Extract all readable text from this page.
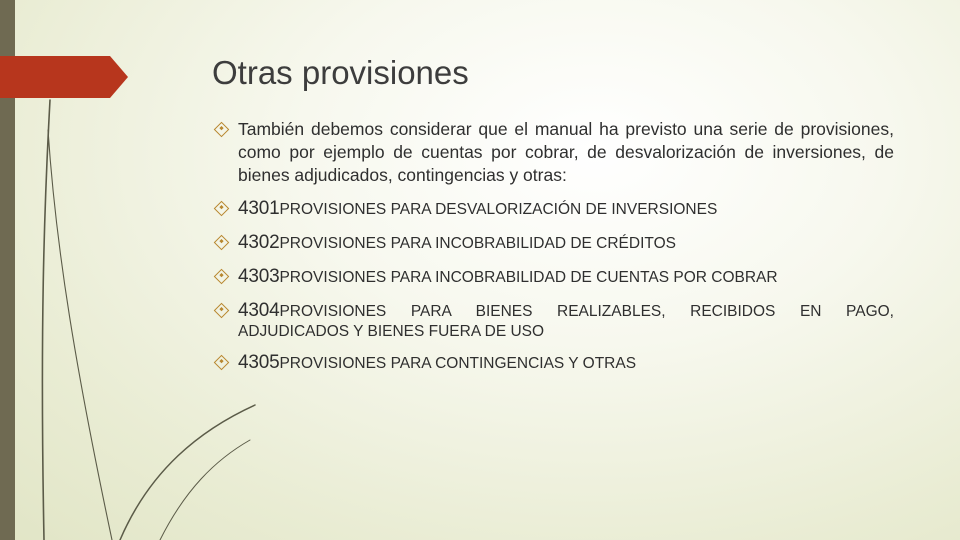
Otras provisiones
También debemos considerar que el manual ha previsto una serie de provisiones, como por ejemplo de cuentas por cobrar, de desvalorización de inversiones, de bienes adjudicados, contingencias y otras:
4301PROVISIONES PARA DESVALORIZACIÓN DE INVERSIONES
4302PROVISIONES PARA INCOBRABILIDAD DE CRÉDITOS
4303PROVISIONES PARA INCOBRABILIDAD DE CUENTAS POR COBRAR
4304PROVISIONES PARA BIENES REALIZABLES, RECIBIDOS EN PAGO,
ADJUDICADOS Y BIENES FUERA DE USO
4305PROVISIONES PARA CONTINGENCIAS Y OTRAS
